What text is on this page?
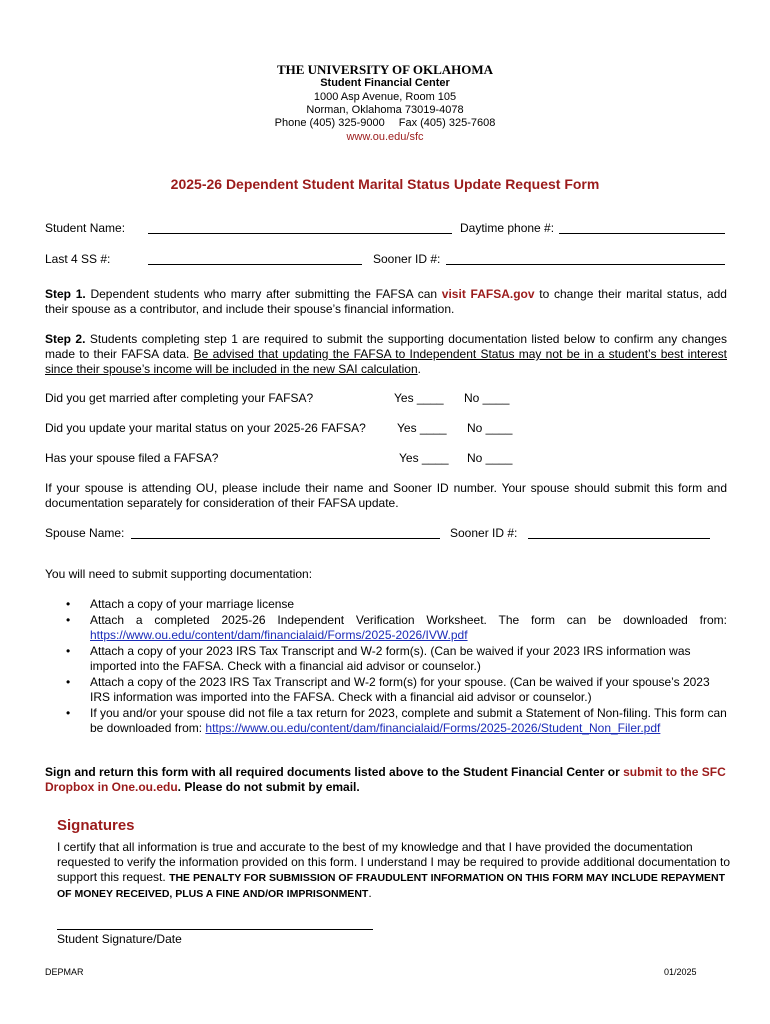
THE UNIVERSITY OF OKLAHOMA
Student Financial Center
1000 Asp Avenue, Room 105
Norman, Oklahoma 73019-4078
Phone (405) 325-9000 Fax (405) 325-7608
www.ou.edu/sfc
2025-26 Dependent Student Marital Status Update Request Form
Student Name:	Daytime phone #:
Last 4 SS #:	Sooner ID #:
Step 1. Dependent students who marry after submitting the FAFSA can visit FAFSA.gov to change their marital status, add their spouse as a contributor, and include their spouse’s financial information.
Step 2. Students completing step 1 are required to submit the supporting documentation listed below to confirm any changes made to their FAFSA data. Be advised that updating the FAFSA to Independent Status may not be in a student’s best interest since their spouse’s income will be included in the new SAI calculation.
Did you get married after completing your FAFSA?	Yes ____ No ____
Did you update your marital status on your 2025-26 FAFSA?	Yes ____ No ____
Has your spouse filed a FAFSA?	Yes ____ No ____
If your spouse is attending OU, please include their name and Sooner ID number. Your spouse should submit this form and documentation separately for consideration of their FAFSA update.
Spouse Name:	Sooner ID #:
You will need to submit supporting documentation:
• Attach a copy of your marriage license
• Attach a completed 2025-26 Independent Verification Worksheet. The form can be downloaded from: https://www.ou.edu/content/dam/financialaid/Forms/2025-2026/IVW.pdf
• Attach a copy of your 2023 IRS Tax Transcript and W-2 form(s). (Can be waived if your 2023 IRS information was imported into the FAFSA. Check with a financial aid advisor or counselor.)
• Attach a copy of the 2023 IRS Tax Transcript and W-2 form(s) for your spouse. (Can be waived if your spouse’s 2023 IRS information was imported into the FAFSA. Check with a financial aid advisor or counselor.)
• If you and/or your spouse did not file a tax return for 2023, complete and submit a Statement of Non-filing. This form can be downloaded from: https://www.ou.edu/content/dam/financialaid/Forms/2025-2026/Student_Non_Filer.pdf
Sign and return this form with all required documents listed above to the Student Financial Center or submit to the SFC Dropbox in One.ou.edu. Please do not submit by email.
Signatures
I certify that all information is true and accurate to the best of my knowledge and that I have provided the documentation requested to verify the information provided on this form. I understand I may be required to provide additional documentation to support this request. THE PENALTY FOR SUBMISSION OF FRAUDULENT INFORMATION ON THIS FORM MAY INCLUDE REPAYMENT OF MONEY RECEIVED, PLUS A FINE AND/OR IMPRISONMENT.
Student Signature/Date
DEPMAR	01/2025
